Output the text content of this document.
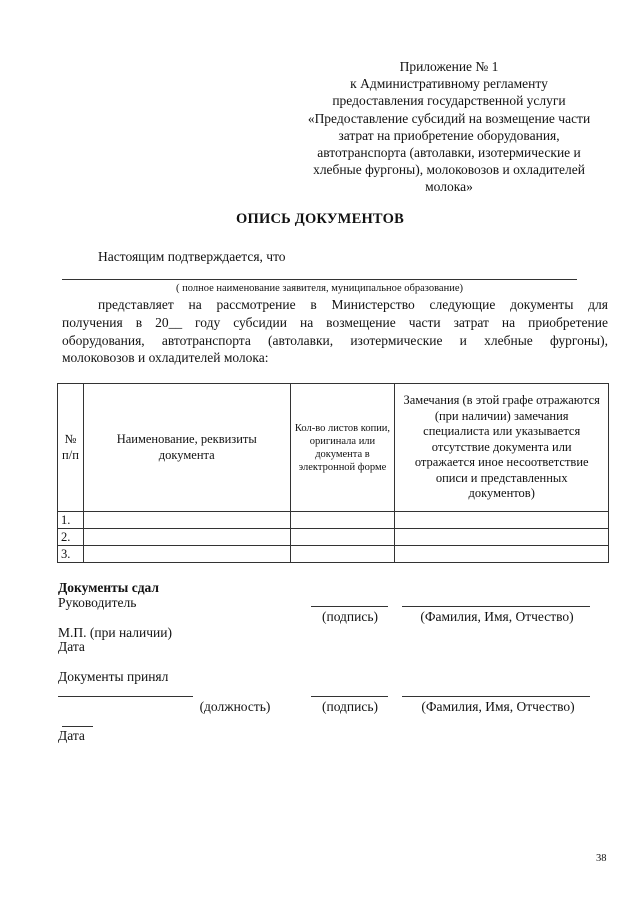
Приложение № 1
к Административному регламенту
предоставления государственной услуги
«Предоставление субсидий на возмещение части
затрат на приобретение оборудования,
автотранспорта (автолавки, изотермические и
хлебные фургоны), молоковозов и охладителей
молока»
ОПИСЬ ДОКУМЕНТОВ
Настоящим подтверждается, что
( полное наименование заявителя, муниципальное образование)
представляет на рассмотрение в Министерство следующие документы для
получения в 20__ году субсидии на возмещение части затрат на приобретение
оборудования, автотранспорта (автолавки, изотермические и хлебные фургоны),
молоковозов и охладителей молока:
№ п/п	Наименование, реквизиты документа	Кол-во листов копии, оригинала или документа в электронной форме	Замечания (в этой графе отражаются (при наличии) замечания специалиста или указывается отсутствие документа или отражается иное несоответствие описи и представленных документов)
1.			
2.			
3.			
Документы сдал
Руководитель
(подпись)	(Фамилия, Имя, Отчество)
М.П. (при наличии)
Дата
Документы принял
(должность)	(подпись)	(Фамилия, Имя, Отчество)
Дата
38
